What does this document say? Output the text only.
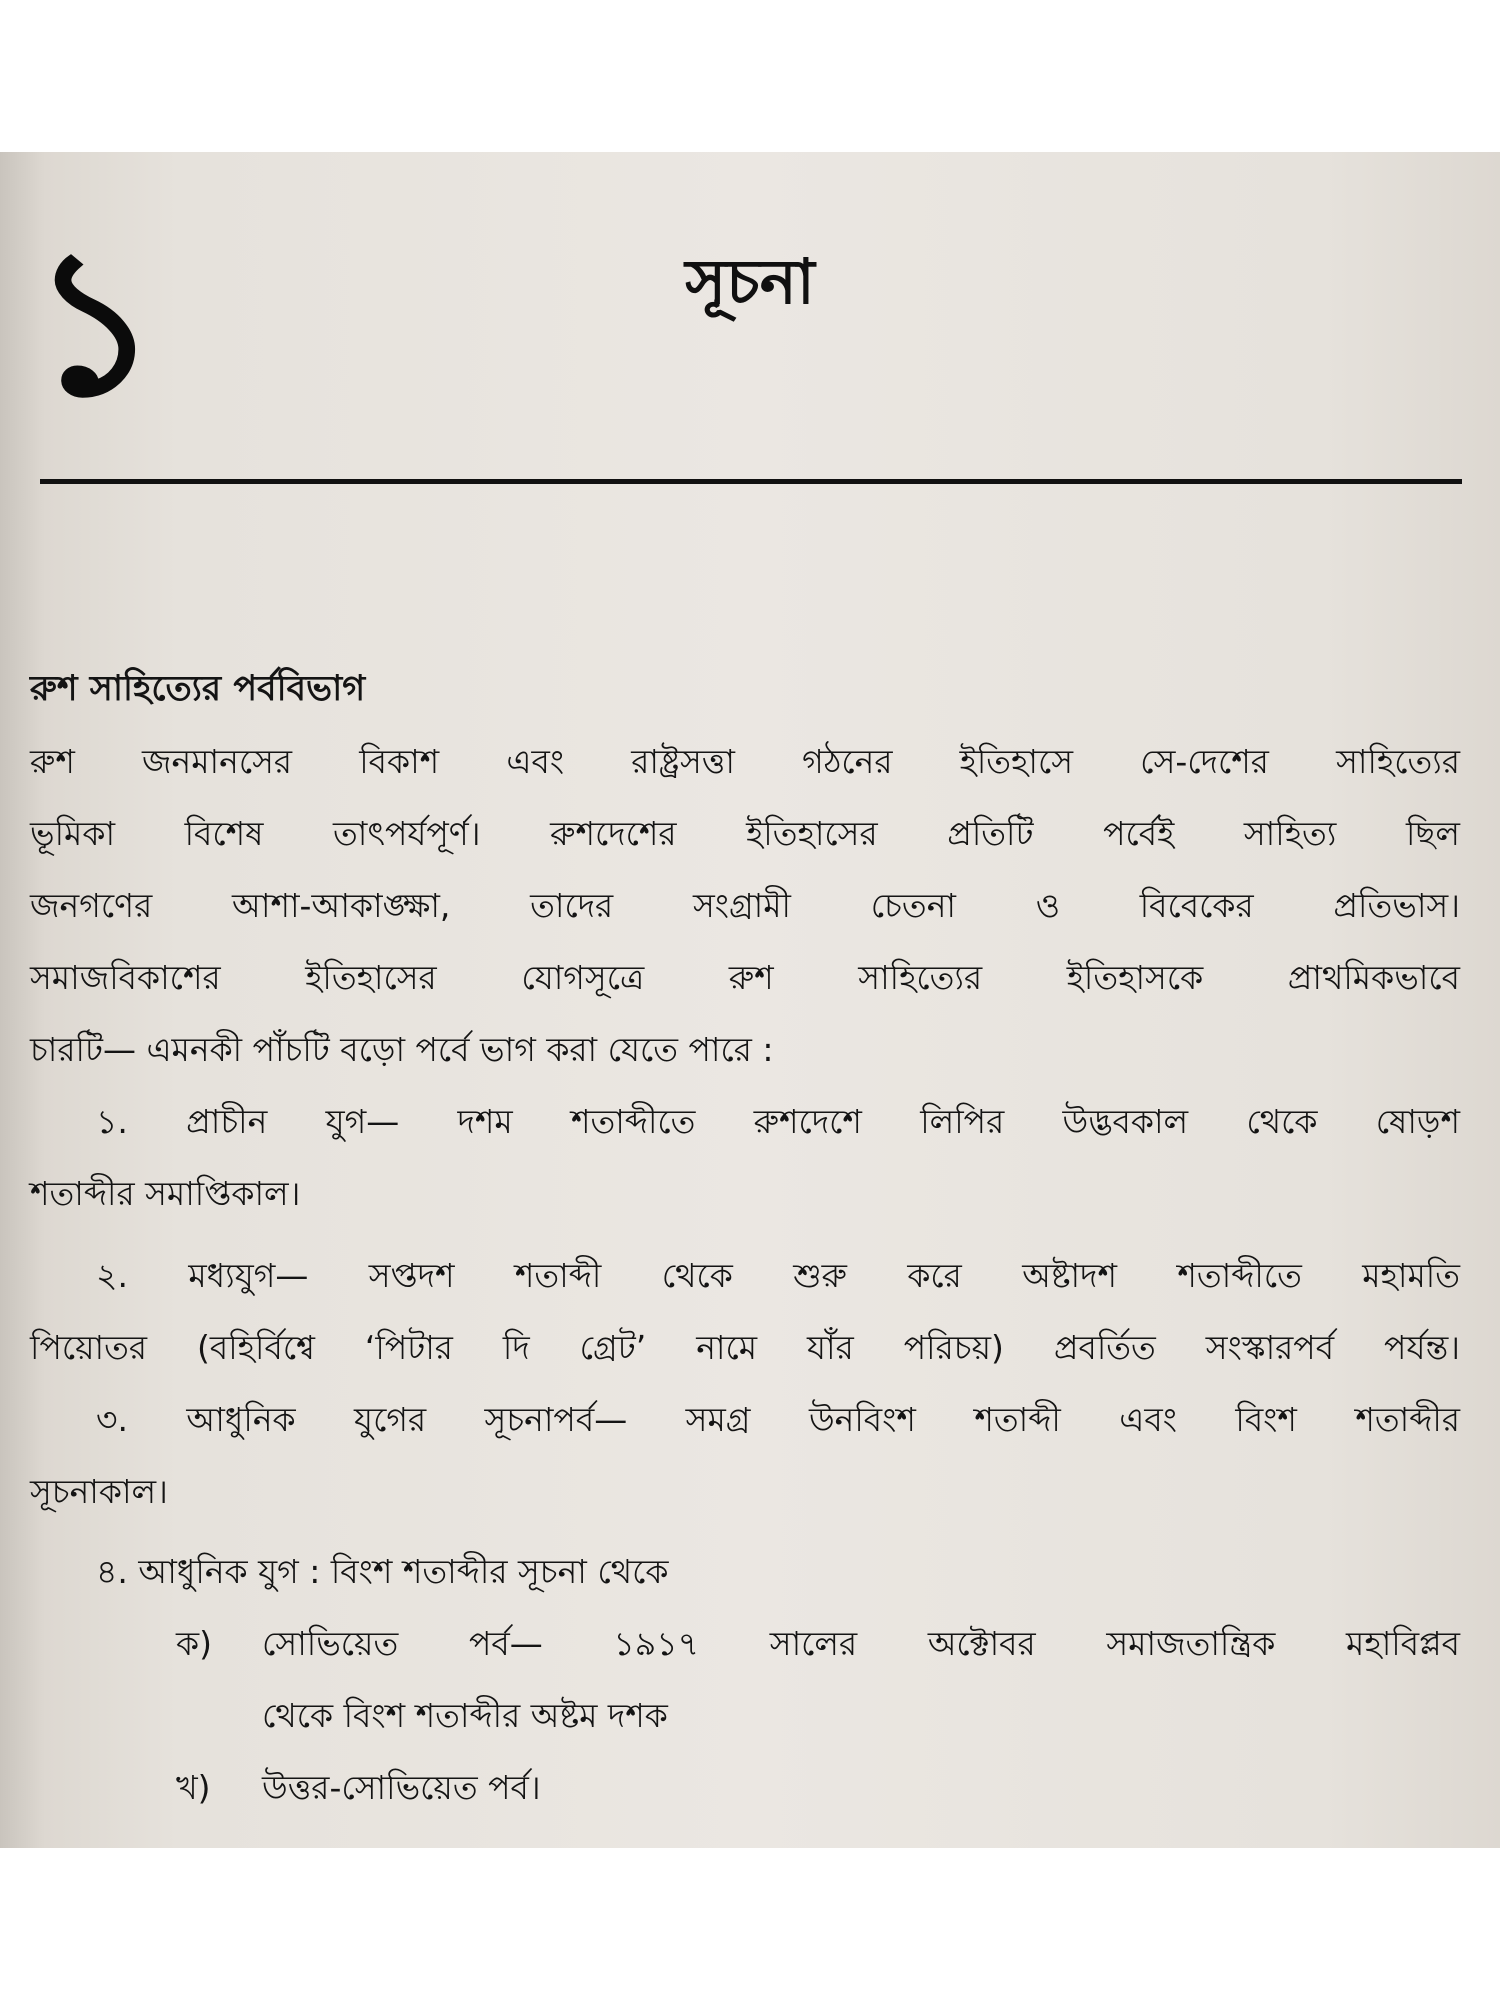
১	সূচনা
রুশ সাহিত্যের পর্ববিভাগ
রুশ জনমানসের বিকাশ এবং রাষ্ট্রসত্তা গঠনের ইতিহাসে সে-দেশের সাহিত্যের
ভূমিকা বিশেষ তাৎপর্যপূর্ণ। রুশদেশের ইতিহাসের প্রতিটি পর্বেই সাহিত্য ছিল
জনগণের আশা-আকাঙ্ক্ষা, তাদের সংগ্রামী চেতনা ও বিবেকের প্রতিভাস।
সমাজবিকাশের ইতিহাসের যোগসূত্রে রুশ সাহিত্যের ইতিহাসকে প্রাথমিকভাবে
চারটি— এমনকী পাঁচটি বড়ো পর্বে ভাগ করা যেতে পারে :
১. প্রাচীন যুগ— দশম শতাব্দীতে রুশদেশে লিপির উদ্ভবকাল থেকে ষোড়শ
শতাব্দীর সমাপ্তিকাল।
২. মধ্যযুগ— সপ্তদশ শতাব্দী থেকে শুরু করে অষ্টাদশ শতাব্দীতে মহামতি
পিয়োতর (বহির্বিশ্বে ‘পিটার দি গ্রেট’ নামে যাঁর পরিচয়) প্রবর্তিত সংস্কারপর্ব পর্যন্ত।
৩. আধুনিক যুগের সূচনাপর্ব— সমগ্র উনবিংশ শতাব্দী এবং বিংশ শতাব্দীর
সূচনাকাল।
৪. আধুনিক যুগ : বিংশ শতাব্দীর সূচনা থেকে
ক)	সোভিয়েত পর্ব— ১৯১৭ সালের অক্টোবর সমাজতান্ত্রিক মহাবিপ্লব
থেকে বিংশ শতাব্দীর অষ্টম দশক
খ)	উত্তর-সোভিয়েত পর্ব।
